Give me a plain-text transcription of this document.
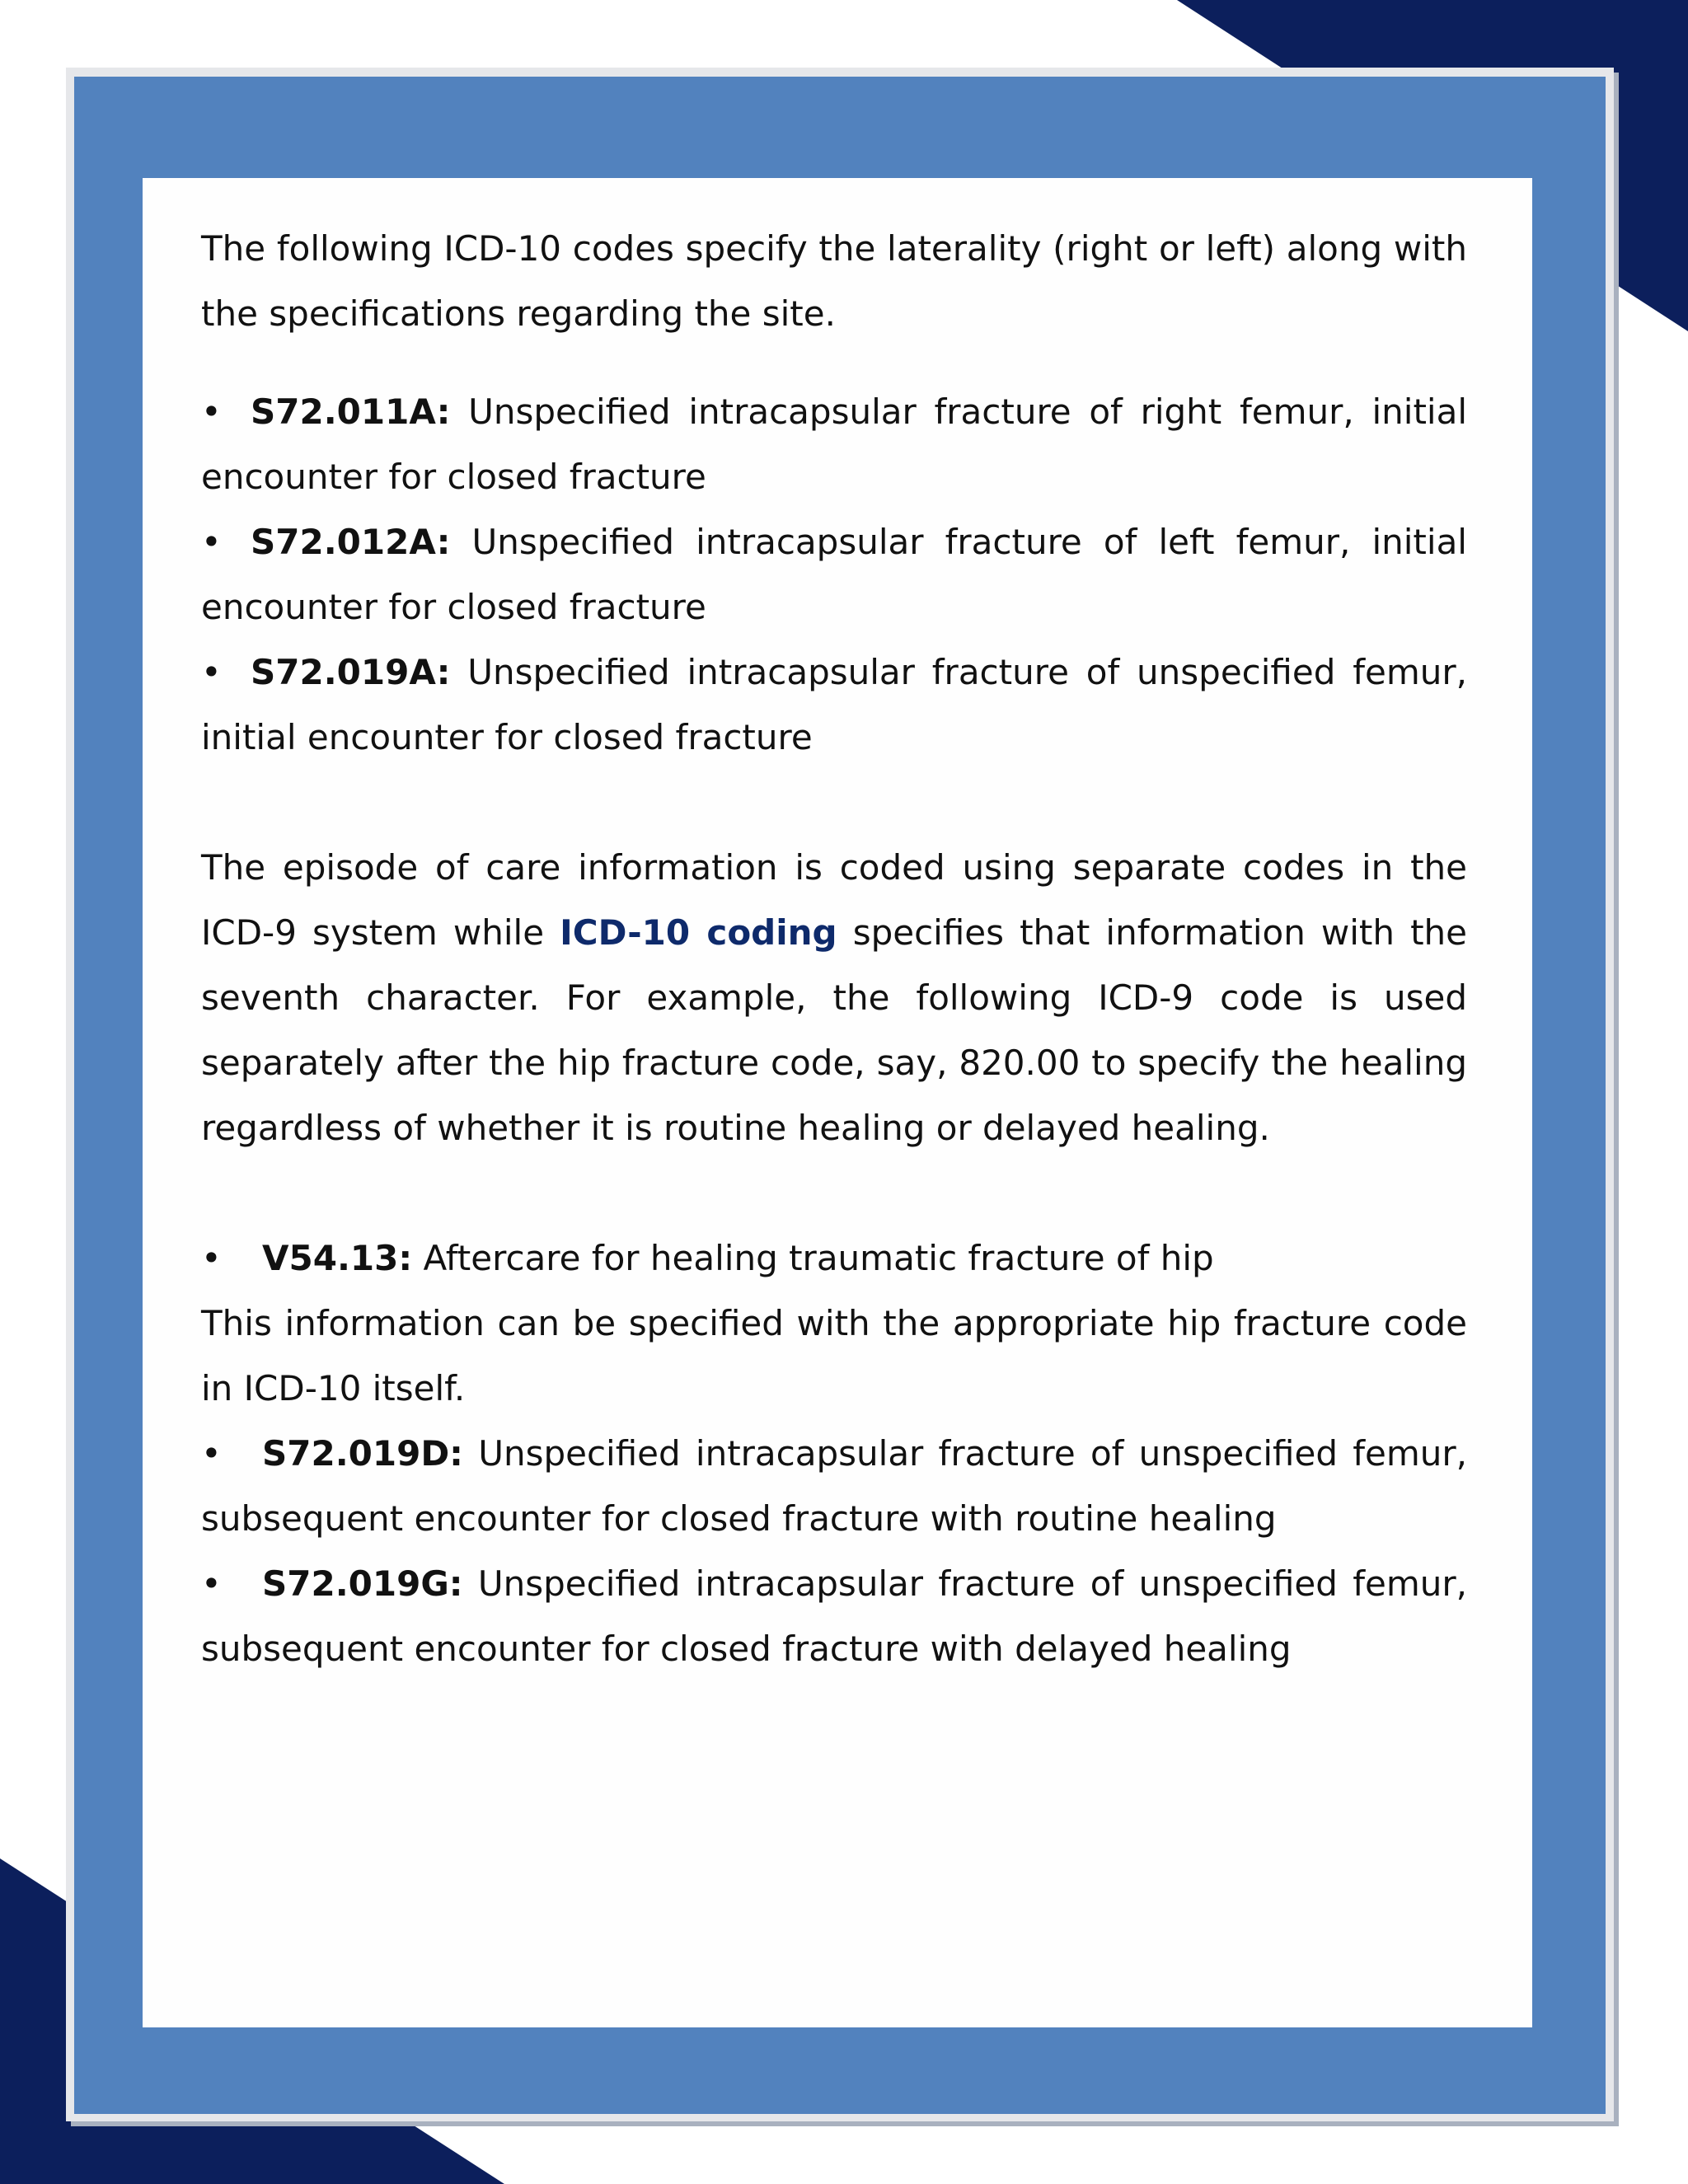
The following ICD-10 codes specify the laterality (right or left) along with the specifications regarding the site.

• S72.011A: Unspecified intracapsular fracture of right femur, initial encounter for closed fracture

• S72.012A: Unspecified intracapsular fracture of left femur, initial encounter for closed fracture

• S72.019A: Unspecified intracapsular fracture of unspecified femur, initial encounter for closed fracture

The episode of care information is coded using separate codes in the ICD-9 system while ICD-10 coding specifies that information with the seventh character. For example, the following ICD-9 code is used separately after the hip fracture code, say, 820.00 to specify the healing regardless of whether it is routine healing or delayed healing.

• V54.13: Aftercare for healing traumatic fracture of hip

This information can be specified with the appropriate hip fracture code in ICD-10 itself.

• S72.019D: Unspecified intracapsular fracture of unspecified femur, subsequent encounter for closed fracture with routine healing

• S72.019G: Unspecified intracapsular fracture of unspecified femur, subsequent encounter for closed fracture with delayed healing
